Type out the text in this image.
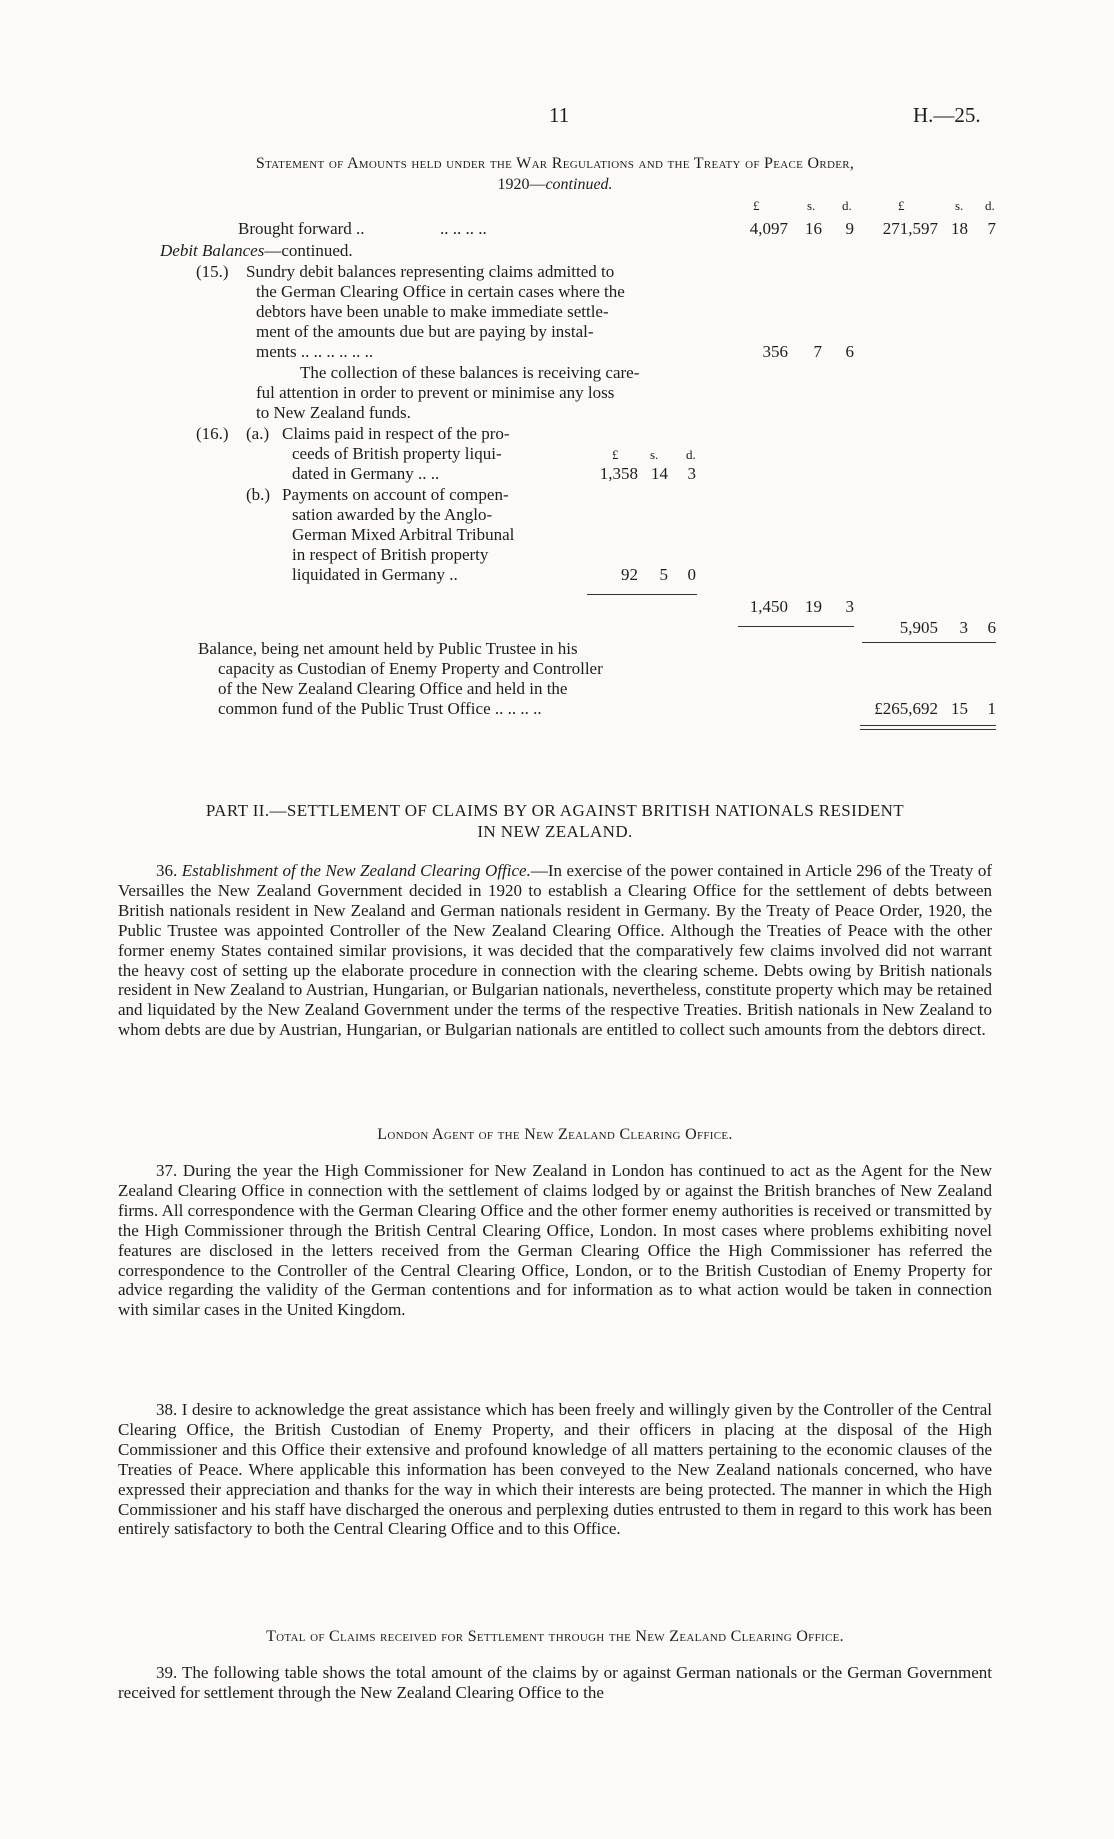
11	H.—25.
Statement of Amounts held under the War Regulations and the Treaty of Peace Order,
1920—continued.
£	s. d.	£	s. d.
Brought forward ..	.. .. .. ..	4,097	16	9	271,597 18	7
Debit Balances—continued.
(15.) Sundry debit balances representing claims admitted to
the German Clearing Office in certain cases where the
debtors have been unable to make immediate settle-
ment of the amounts due but are paying by instal-
ments .. .. .. .. .. ..	356	7	6
The collection of these balances is receiving care-
ful attention in order to prevent or minimise any loss
to New Zealand funds.
(16.) (a.) Claims paid in respect of the pro-
ceeds of British property liqui-
dated in Germany .. ..
£ s. d.
1,358 14	3
(b.) Payments on account of compen-
sation awarded by the Anglo-
German Mixed Arbitral Tribunal
in respect of British property
liquidated in Germany ..	92	5	0
1,450	19	3
5,905	3	6
Balance, being net amount held by Public Trustee in his
capacity as Custodian of Enemy Property and Controller
of the New Zealand Clearing Office and held in the
common fund of the Public Trust Office .. .. .. ..	£265,692 15	1
PART II.—SETTLEMENT OF CLAIMS BY OR AGAINST BRITISH NATIONALS RESIDENT
IN NEW ZEALAND.
36. Establishment of the New Zealand Clearing Office.—In exercise of the power contained in Article 296 of the Treaty of Versailles the New Zealand Government decided in 1920 to establish a Clearing Office for the settlement of debts between British nationals resident in New Zealand and German nationals resident in Germany. By the Treaty of Peace Order, 1920, the Public Trustee was appointed Controller of the New Zealand Clearing Office. Although the Treaties of Peace with the other former enemy States contained similar provisions, it was decided that the comparatively few claims involved did not warrant the heavy cost of setting up the elaborate procedure in connection with the clearing scheme. Debts owing by British nationals resident in New Zealand to Austrian, Hungarian, or Bulgarian nationals, nevertheless, constitute property which may be retained and liquidated by the New Zealand Government under the terms of the respective Treaties. British nationals in New Zealand to whom debts are due by Austrian, Hungarian, or Bulgarian nationals are entitled to collect such amounts from the debtors direct.
London Agent of the New Zealand Clearing Office.
37. During the year the High Commissioner for New Zealand in London has continued to act as the Agent for the New Zealand Clearing Office in connection with the settlement of claims lodged by or against the British branches of New Zealand firms. All correspondence with the German Clearing Office and the other former enemy authorities is received or transmitted by the High Commissioner through the British Central Clearing Office, London. In most cases where problems exhibiting novel features are disclosed in the letters received from the German Clearing Office the High Commissioner has referred the correspondence to the Controller of the Central Clearing Office, London, or to the British Custodian of Enemy Property for advice regarding the validity of the German contentions and for information as to what action would be taken in connection with similar cases in the United Kingdom.
38. I desire to acknowledge the great assistance which has been freely and willingly given by the Controller of the Central Clearing Office, the British Custodian of Enemy Property, and their officers in placing at the disposal of the High Commissioner and this Office their extensive and profound knowledge of all matters pertaining to the economic clauses of the Treaties of Peace. Where applicable this information has been conveyed to the New Zealand nationals concerned, who have expressed their appreciation and thanks for the way in which their interests are being protected. The manner in which the High Commissioner and his staff have discharged the onerous and perplexing duties entrusted to them in regard to this work has been entirely satisfactory to both the Central Clearing Office and to this Office.
Total of Claims received for Settlement through the New Zealand Clearing Office.
39. The following table shows the total amount of the claims by or against German nationals or the German Government received for settlement through the New Zealand Clearing Office to the
